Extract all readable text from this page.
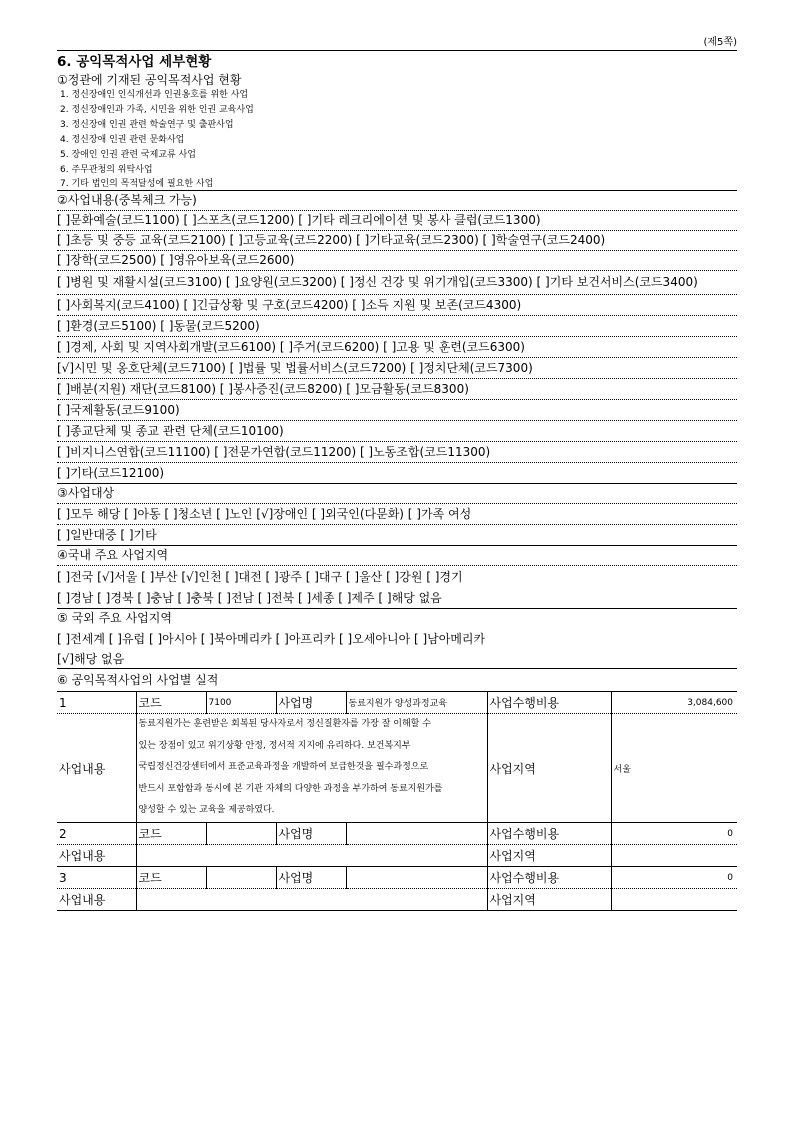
(제5쪽)
6. 공익목적사업 세부현황
①정관에 기재된 공익목적사업 현황
1. 정신장애인 인식개선과 인권옹호를 위한 사업
2. 정신장애인과 가족, 시민을 위한 인권 교육사업
3. 정신장애 인권 관련 학술연구 및 출판사업
4. 정신장애 인권 관련 문화사업
5. 장애인 인권 관련 국제교류 사업
6. 주무관청의 위탁사업
7. 기타 법인의 목적달성에 필요한 사업
②사업내용(중복체크 가능)
[ ]문화예술(코드1100) [ ]스포츠(코드1200) [ ]기타 레크리에이션 및 봉사 클럽(코드1300)
[ ]초등 및 중등 교육(코드2100) [ ]고등교육(코드2200) [ ]기타교육(코드2300) [ ]학술연구(코드2400)
[ ]장학(코드2500) [ ]영유아보육(코드2600)
[ ]병원 및 재활시설(코드3100) [ ]요양원(코드3200) [ ]정신 건강 및 위기개입(코드3300) [ ]기타 보건서비스(코드3400)
[ ]사회복지(코드4100) [ ]긴급상황 및 구호(코드4200) [ ]소득 지원 및 보존(코드4300)
[ ]환경(코드5100) [ ]동물(코드5200)
[ ]경제, 사회 및 지역사회개발(코드6100) [ ]주거(코드6200) [ ]고용 및 훈련(코드6300)
[√]시민 및 옹호단체(코드7100) [ ]법률 및 법률서비스(코드7200) [ ]정치단체(코드7300)
[ ]배분(지원) 재단(코드8100) [ ]봉사증진(코드8200) [ ]모금활동(코드8300)
[ ]국제활동(코드9100)
[ ]종교단체 및 종교 관련 단체(코드10100)
[ ]비지니스연합(코드11100) [ ]전문가연합(코드11200) [ ]노동조합(코드11300)
[ ]기타(코드12100)
③사업대상
[ ]모두 해당 [ ]아동 [ ]청소년 [ ]노인 [√]장애인 [ ]외국인(다문화) [ ]가족 여성
[ ]일반대중 [ ]기타
④국내 주요 사업지역
[ ]전국 [√]서울 [ ]부산 [√]인천 [ ]대전 [ ]광주 [ ]대구 [ ]울산 [ ]강원 [ ]경기
[ ]경남 [ ]경북 [ ]충남 [ ]충북 [ ]전남 [ ]전북 [ ]세종 [ ]제주 [ ]해당 없음
⑤ 국외 주요 사업지역
[ ]전세계 [ ]유럽 [ ]아시아 [ ]북아메리카 [ ]아프리카 [ ]오세아니아 [ ]남아메리카
[√]해당 없음
⑥ 공익목적사업의 사업별 실적
1	코드	7100	사업명	동료지원가 양성과정교육	사업수행비용	3,084,600
사업내용	동료지원가는 훈련받은 회복된 당사자로서 정신질환자를 가장 잘 이해할 수
있는 장점이 있고 위기상황 안정, 정서적 지지에 유리하다. 보건복지부
국립정신건강센터에서 표준교육과정을 개발하여 보급한것을 필수과정으로
반드시 포함함과 동시에 본 기관 자체의 다양한 과정을 부가하여 동료지원가를
양성할 수 있는 교육을 제공하였다.				사업지역	서울
2	코드		사업명		사업수행비용	0
사업내용					사업지역	
3	코드		사업명		사업수행비용	0
사업내용					사업지역	
